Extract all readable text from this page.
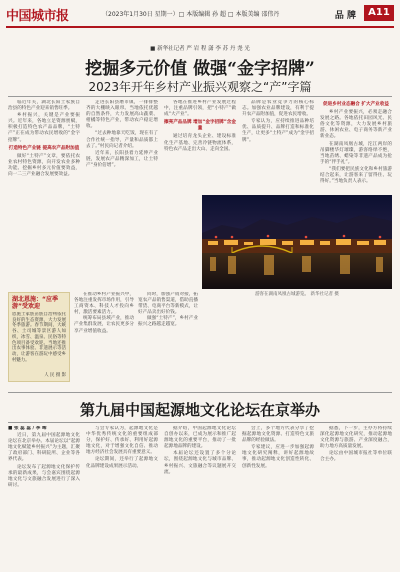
中国城市报	（2023年1月30日 星期一）□ 本版编辑 孙 超 □ 本版美编 邵伟丹	品 牌	A11
■ 新华社记者 严 岩 程 潇 李 苏 丹 尧 光
挖掘多元价值 做强“金字招牌”
2023年开年乡村产业振兴观察之“产”字篇

临近年关，湖北长阳土家族自治县的特色产业迎来销售旺季。

乡村振兴，关键是产业要振兴。近年来，各地立足资源禀赋，积极打造特色农产品品牌，“土特产”正在成为带动农民增收的“金字招牌”。

打造特色产业链 提高农产品附加值

做好“土特产”文章，要依托农业农村特色资源，向开发农业多种功能、挖掘乡村多元价值要效益，向一二三产业融合发展要效益。

走进长阳县磨市镇，一排排整齐的大棚映入眼帘。当地依托优越的自然条件，大力发展高山蔬菜、柑橘等特色产业，带动农户稳定增收。

“过去种地靠天吃饭，现在有了合作社统一指导，产量和品质都上去了。”村民向记者介绍。

近年来，长阳县着力延伸产业链，发展农产品精深加工，让土特产“身价倍增”。

各地在推进乡村产业发展过程中，注重品牌引领，把“小特产”做成“大产业”。

擦亮产品品牌 增加“金字招牌”含金量

通过培育龙头企业、建设标准化生产基地、完善冷链物流体系，特色农产品走出大山、走向全国。

品牌是农业竞争力的核心标志。加强农业品牌建设，有利于提升农产品附加值，促进农民增收。

专家认为，应持续推进品种培优、品质提升、品牌打造和标准化生产，让更多“土特产”成为“金字招牌”。

促进乡村业态融合 扩大产业收益

乡村产业要振兴，必须走融合发展之路。各地依托田园风光、民俗文化等资源，大力发展乡村旅游、休闲农业、电子商务等新产业新业态。

在湖南凤凰古城，沱江两岸的吊脚楼华灯璀璨，游客络绎不绝，当地苗绣、蜡染等非遗产品成为抢手的“伴手礼”。

“我们要把民族文化和乡村旅游结合起来，让游客来了留得住、玩得好。”当地负责人表示。

游客在湖南凤凰古城游览。 新华社记者 摄
湖北恩施：“应季游”受欢迎
恩施土家族苗族自治州依托良好的生态资源，大力发展冬季旅游。春节期间，大峡谷、土司城等景区游人如织，冰雪、温泉、民俗等特色项目备受欢迎。当地还推出农事体验、非遗展示等活动，让游客在游玩中感受乡村魅力。
人 民 摄 影

在推动乡村产业振兴中，各地注重发挥市场作用，引导工商资本、科技人才投向乡村，激活要素活力。

统筹布局县域产业，推动产业集群发展，让农民更多分享产业增值收益。

同时，加强产销对接，拓宽农产品销售渠道，借助直播带货、电商平台等新模式，让好产品卖出好价钱。

做强“土特产”，乡村产业振兴之路越走越宽。

第九届中国起源地文化论坛在京举办

■ 张 蕊 蕊 / 李 晞

近日，第九届中国起源地文化论坛在北京举办。本届论坛以“起源地文化赋能乡村振兴”为主题，汇聚了政府部门、科研院所、企业等各界代表。

论坛发布了起源地文化保护传承的最新成果，与会嘉宾围绕起源地文化与文旅融合发展进行了深入研讨。

与会专家认为，起源地文化是中华优秀传统文化的重要组成部分，保护好、传承好、利用好起源地文化，对于增强文化自信、推动地方经济社会发展具有重要意义。

论坛期间，还举行了起源地文化品牌建设成果展示活动。

据介绍，中国起源地文化论坛自创办以来，已成为展示和推广起源地文化的重要平台，推动了一批起源地品牌的建设。

本届论坛还设置了多个分论坛，围绕起源地文化与城市品牌、乡村振兴、文旅融合等议题展开交流。

会上，多个地方代表分享了挖掘起源地文化资源、打造特色文旅品牌的经验做法。

专家建议，应进一步加强起源地文化研究阐释，讲好起源地故事，推动起源地文化创造性转化、创新性发展。

据悉，下一步，主办方将持续深化起源地文化研究，推动起源地文化资源与旅游、产业深度融合，助力地方高质量发展。

论坛由中国城市报社等单位联合主办。
